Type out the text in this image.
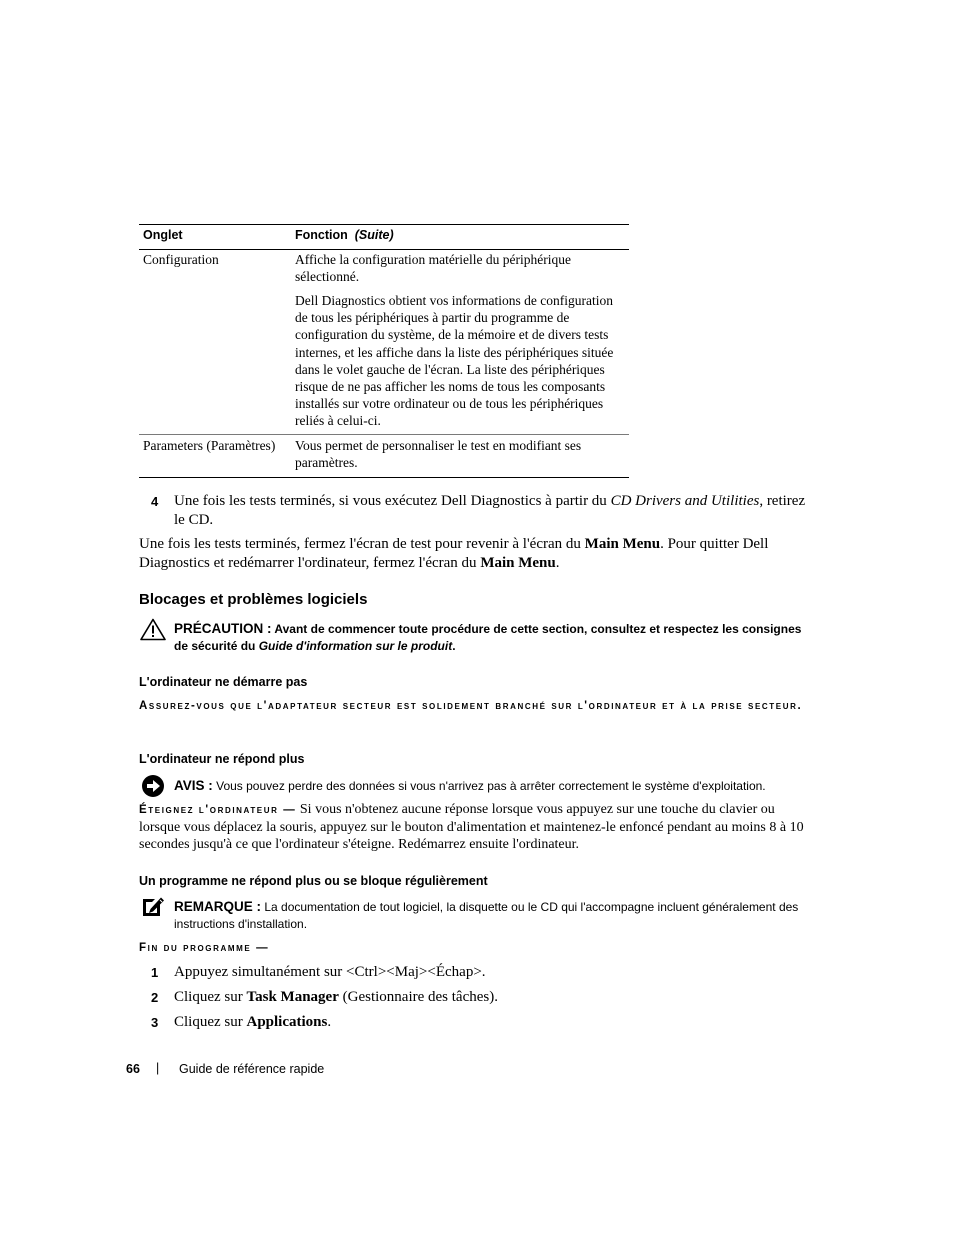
Onglet	Fonction (Suite)
Configuration	Affiche la configuration matérielle du périphérique sélectionné.
Dell Diagnostics obtient vos informations de configuration de tous les périphériques à partir du programme de configuration du système, de la mémoire et de divers tests internes, et les affiche dans la liste des périphériques située dans le volet gauche de l'écran. La liste des périphériques risque de ne pas afficher les noms de tous les composants installés sur votre ordinateur ou de tous les périphériques reliés à celui-ci.
Parameters (Paramètres)	Vous permet de personnaliser le test en modifiant ses paramètres.
4 Une fois les tests terminés, si vous exécutez Dell Diagnostics à partir du CD Drivers and Utilities, retirez le CD.
Une fois les tests terminés, fermez l'écran de test pour revenir à l'écran du Main Menu. Pour quitter Dell Diagnostics et redémarrer l'ordinateur, fermez l'écran du Main Menu.
Blocages et problèmes logiciels
PRÉCAUTION : Avant de commencer toute procédure de cette section, consultez et respectez les consignes de sécurité du Guide d'information sur le produit.
L'ordinateur ne démarre pas
Assurez-vous que l'adaptateur secteur est solidement branché sur l'ordinateur et à la prise secteur.
L'ordinateur ne répond plus
AVIS : Vous pouvez perdre des données si vous n'arrivez pas à arrêter correctement le système d'exploitation.
Éteignez l'ordinateur — Si vous n'obtenez aucune réponse lorsque vous appuyez sur une touche du clavier ou lorsque vous déplacez la souris, appuyez sur le bouton d'alimentation et maintenez-le enfoncé pendant au moins 8 à 10 secondes jusqu'à ce que l'ordinateur s'éteigne. Redémarrez ensuite l'ordinateur.
Un programme ne répond plus ou se bloque régulièrement
REMARQUE : La documentation de tout logiciel, la disquette ou le CD qui l'accompagne incluent généralement des instructions d'installation.
Fin du programme —
1 Appuyez simultanément sur <Ctrl><Maj><Échap>.
2 Cliquez sur Task Manager (Gestionnaire des tâches).
3 Cliquez sur Applications.
66 | Guide de référence rapide
